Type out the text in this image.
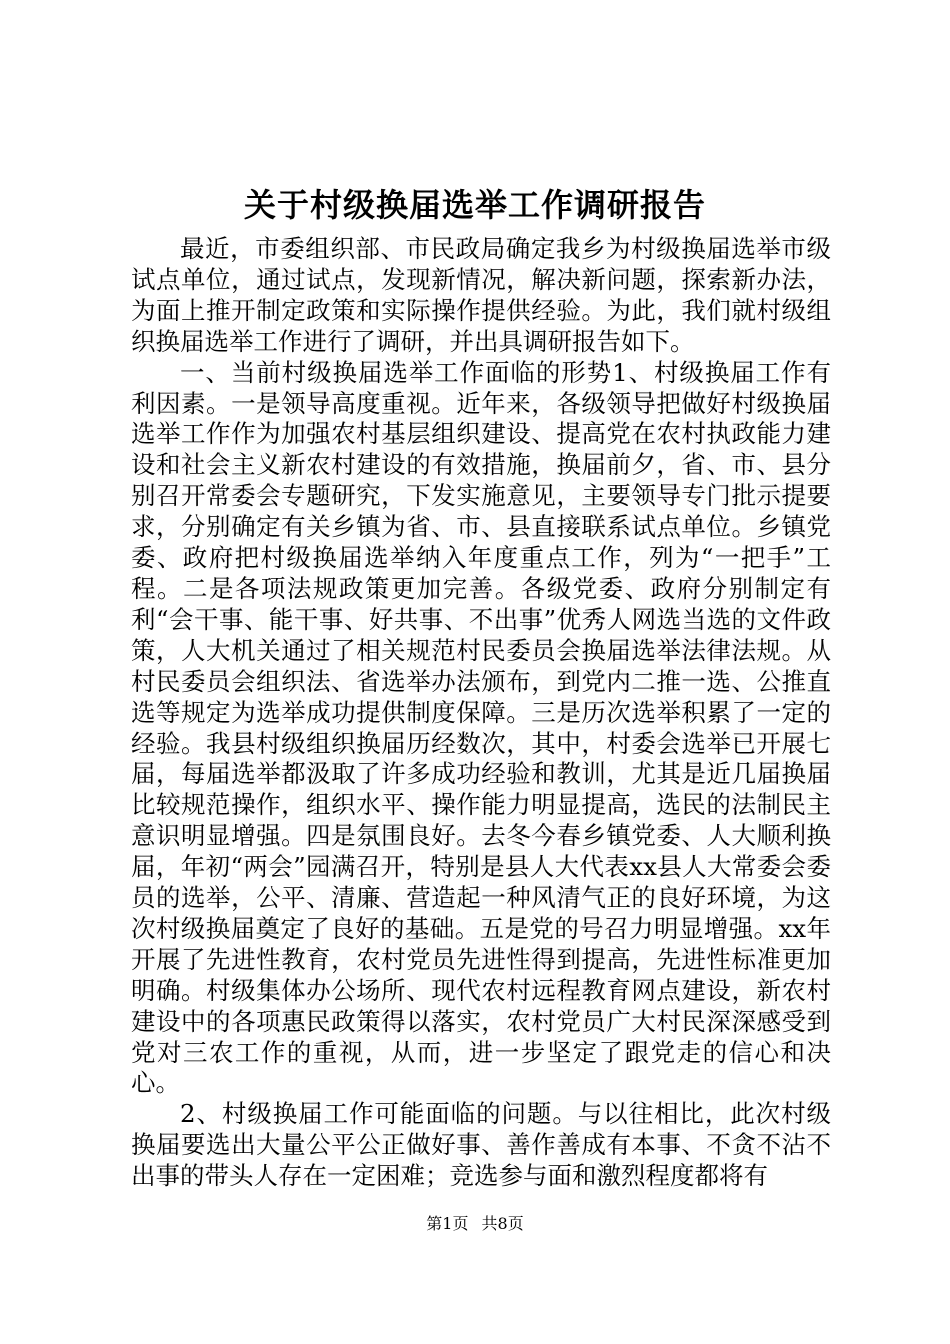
关于村级换届选举工作调研报告

最近，市委组织部、市民政局确定我乡为村级换届选举市级试点单位，通过试点，发现新情况，解决新问题，探索新办法，为面上推开制定政策和实际操作提供经验。为此，我们就村级组织换届选举工作进行了调研，并出具调研报告如下。

一、当前村级换届选举工作面临的形势1、村级换届工作有利因素。一是领导高度重视。近年来，各级领导把做好村级换届选举工作作为加强农村基层组织建设、提高党在农村执政能力建设和社会主义新农村建设的有效措施，换届前夕，省、市、县分别召开常委会专题研究，下发实施意见，主要领导专门批示提要求，分别确定有关乡镇为省、市、县直接联系试点单位。乡镇党委、政府把村级换届选举纳入年度重点工作，列为“一把手”工程。二是各项法规政策更加完善。各级党委、政府分别制定有利“会干事、能干事、好共事、不出事”优秀人网选当选的文件政策，人大机关通过了相关规范村民委员会换届选举法律法规。从村民委员会组织法、省选举办法颁布，到党内二推一选、公推直选等规定为选举成功提供制度保障。三是历次选举积累了一定的经验。我县村级组织换届历经数次，其中，村委会选举已开展七届，每届选举都汲取了许多成功经验和教训，尤其是近几届换届比较规范操作，组织水平、操作能力明显提高，选民的法制民主意识明显增强。四是氛围良好。去冬今春乡镇党委、人大顺利换届，年初“两会”园满召开，特别是县人大代表xx县人大常委会委员的选举，公平、清廉、营造起一种风清气正的良好环境，为这次村级换届奠定了良好的基础。五是党的号召力明显增强。xx年开展了先进性教育，农村党员先进性得到提高，先进性标准更加明确。村级集体办公场所、现代农村远程教育网点建设，新农村建设中的各项惠民政策得以落实，农村党员广大村民深深感受到党对三农工作的重视，从而，进一步坚定了跟党走的信心和决心。

2、村级换届工作可能面临的问题。与以往相比，此次村级换届要选出大量公平公正做好事、善作善成有本事、不贪不沾不出事的带头人存在一定困难；竞选参与面和激烈程度都将有

第1页 共8页
